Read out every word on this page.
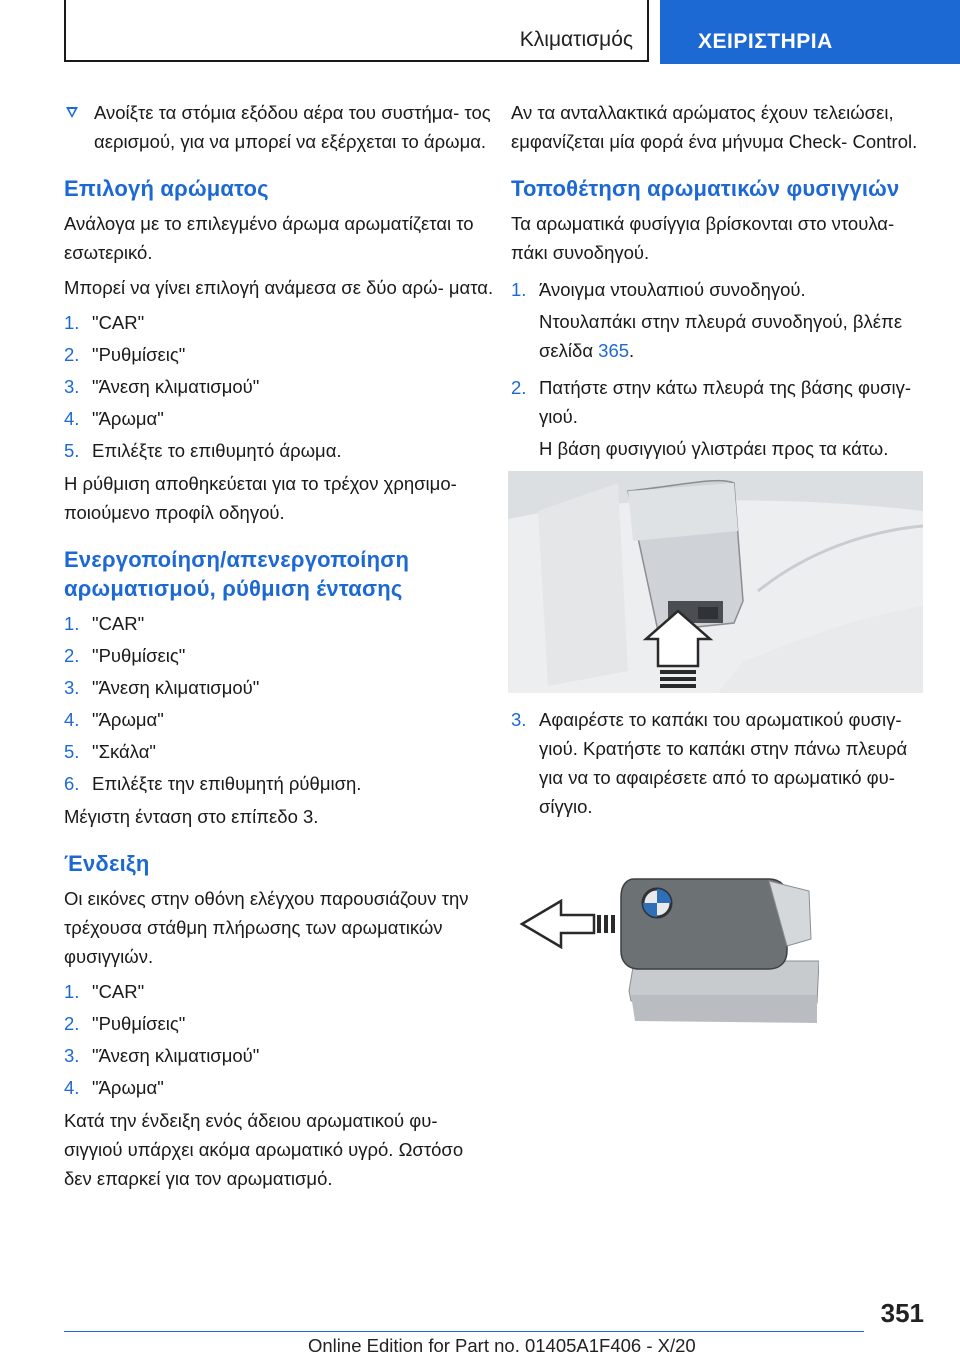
Κλιματισμός	ΧΕΙΡΙΣΤΗΡΙΑ
Ανοίξτε τα στόμια εξόδου αέρα του συστήμα- τος αερισμού, για να μπορεί να εξέρχεται το άρωμα.
Επιλογή αρώματος

Ανάλογα με το επιλεγμένο άρωμα αρωματίζεται το εσωτερικό.

Μπορεί να γίνει επιλογή ανάμεσα σε δύο αρώ- ματα.

1. "CAR"
2. "Ρυθμίσεις"
3. "Άνεση κλιματισμού"
4. "Άρωμα"
5. Επιλέξτε το επιθυμητό άρωμα.

Η ρύθμιση αποθηκεύεται για το τρέχον χρησιμο- ποιούμενο προφίλ οδηγού.

Ενεργοποίηση/απενεργοποίηση αρωματισμού, ρύθμιση έντασης
1. "CAR"
2. "Ρυθμίσεις"
3. "Άνεση κλιματισμού"
4. "Άρωμα"
5. "Σκάλα"
6. Επιλέξτε την επιθυμητή ρύθμιση.

Μέγιστη ένταση στο επίπεδο 3.

Ένδειξη

Οι εικόνες στην οθόνη ελέγχου παρουσιάζουν την τρέχουσα στάθμη πλήρωσης των αρωματικών φυσιγγιών.

1. "CAR"
2. "Ρυθμίσεις"
3. "Άνεση κλιματισμού"
4. "Άρωμα"

Κατά την ένδειξη ενός άδειου αρωματικού φυ- σιγγιού υπάρχει ακόμα αρωματικό υγρό. Ωστόσο δεν επαρκεί για τον αρωματισμό.

Αν τα ανταλλακτικά αρώματος έχουν τελειώσει, εμφανίζεται μία φορά ένα μήνυμα Check- Control.

Τοποθέτηση αρωματικών φυσιγγιών

Τα αρωματικά φυσίγγια βρίσκονται στο ντουλα- πάκι συνοδηγού.

1. Άνοιγμα ντουλαπιού συνοδηγού.
Ντουλαπάκι στην πλευρά συνοδηγού, βλέπε σελίδα 365.
2. Πατήστε στην κάτω πλευρά της βάσης φυσιγ- γιού.
Η βάση φυσιγγιού γλιστράει προς τα κάτω.
3. Αφαιρέστε το καπάκι του αρωματικού φυσιγ- γιού. Κρατήστε το καπάκι στην πάνω πλευρά για να το αφαιρέσετε από το αρωματικό φυ- σίγγιο.
351
Online Edition for Part no. 01405A1F406 - X/20
